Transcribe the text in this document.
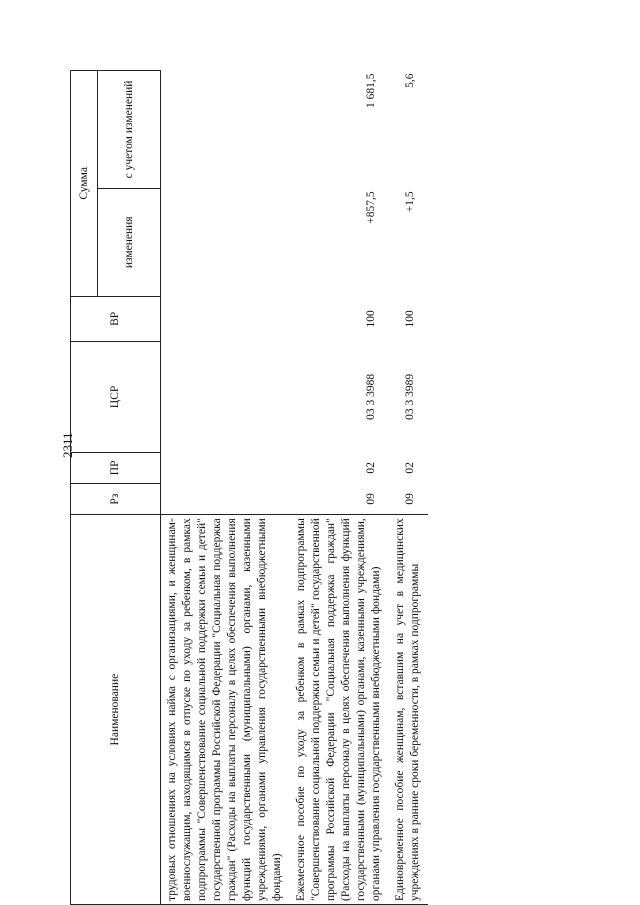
2311
Наименование	Рз	ПР	ЦСР	ВР	Сумма	
					изменения	с учетом изменений
трудовых отношениях на условиях найма с организациями, и женщинам-военнослужащим, находящимся в отпуске по уходу за ребенком, в рамках подпрограммы "Совершенствование социальной поддержки семьи и детей" государственной программы Российской Федерации "Социальная поддержка граждан" (Расходы на выплаты персоналу в целях обеспечения выполнения функций государственными (муниципальными) органами, казенными учреждениями, органами управления государственными внебюджетными фондами)						
Ежемесячное пособие по уходу за ребенком в рамках подпрограммы "Совершенствование социальной поддержки семьи и детей" государственной программы Российской Федерации "Социальная поддержка граждан" (Расходы на выплаты персоналу в целях обеспечения выполнения функций государственными (муниципальными) органами, казенными учреждениями, органами управления государственными внебюджетными фондами)	09	02	03 3 3988	100	+857,5	1 681,5
Единовременное пособие женщинам, вставшим на учет в медицинских учреждениях в ранние сроки беременности, в рамках подпрограммы	09	02	03 3 3989	100	+1,5	5,6
